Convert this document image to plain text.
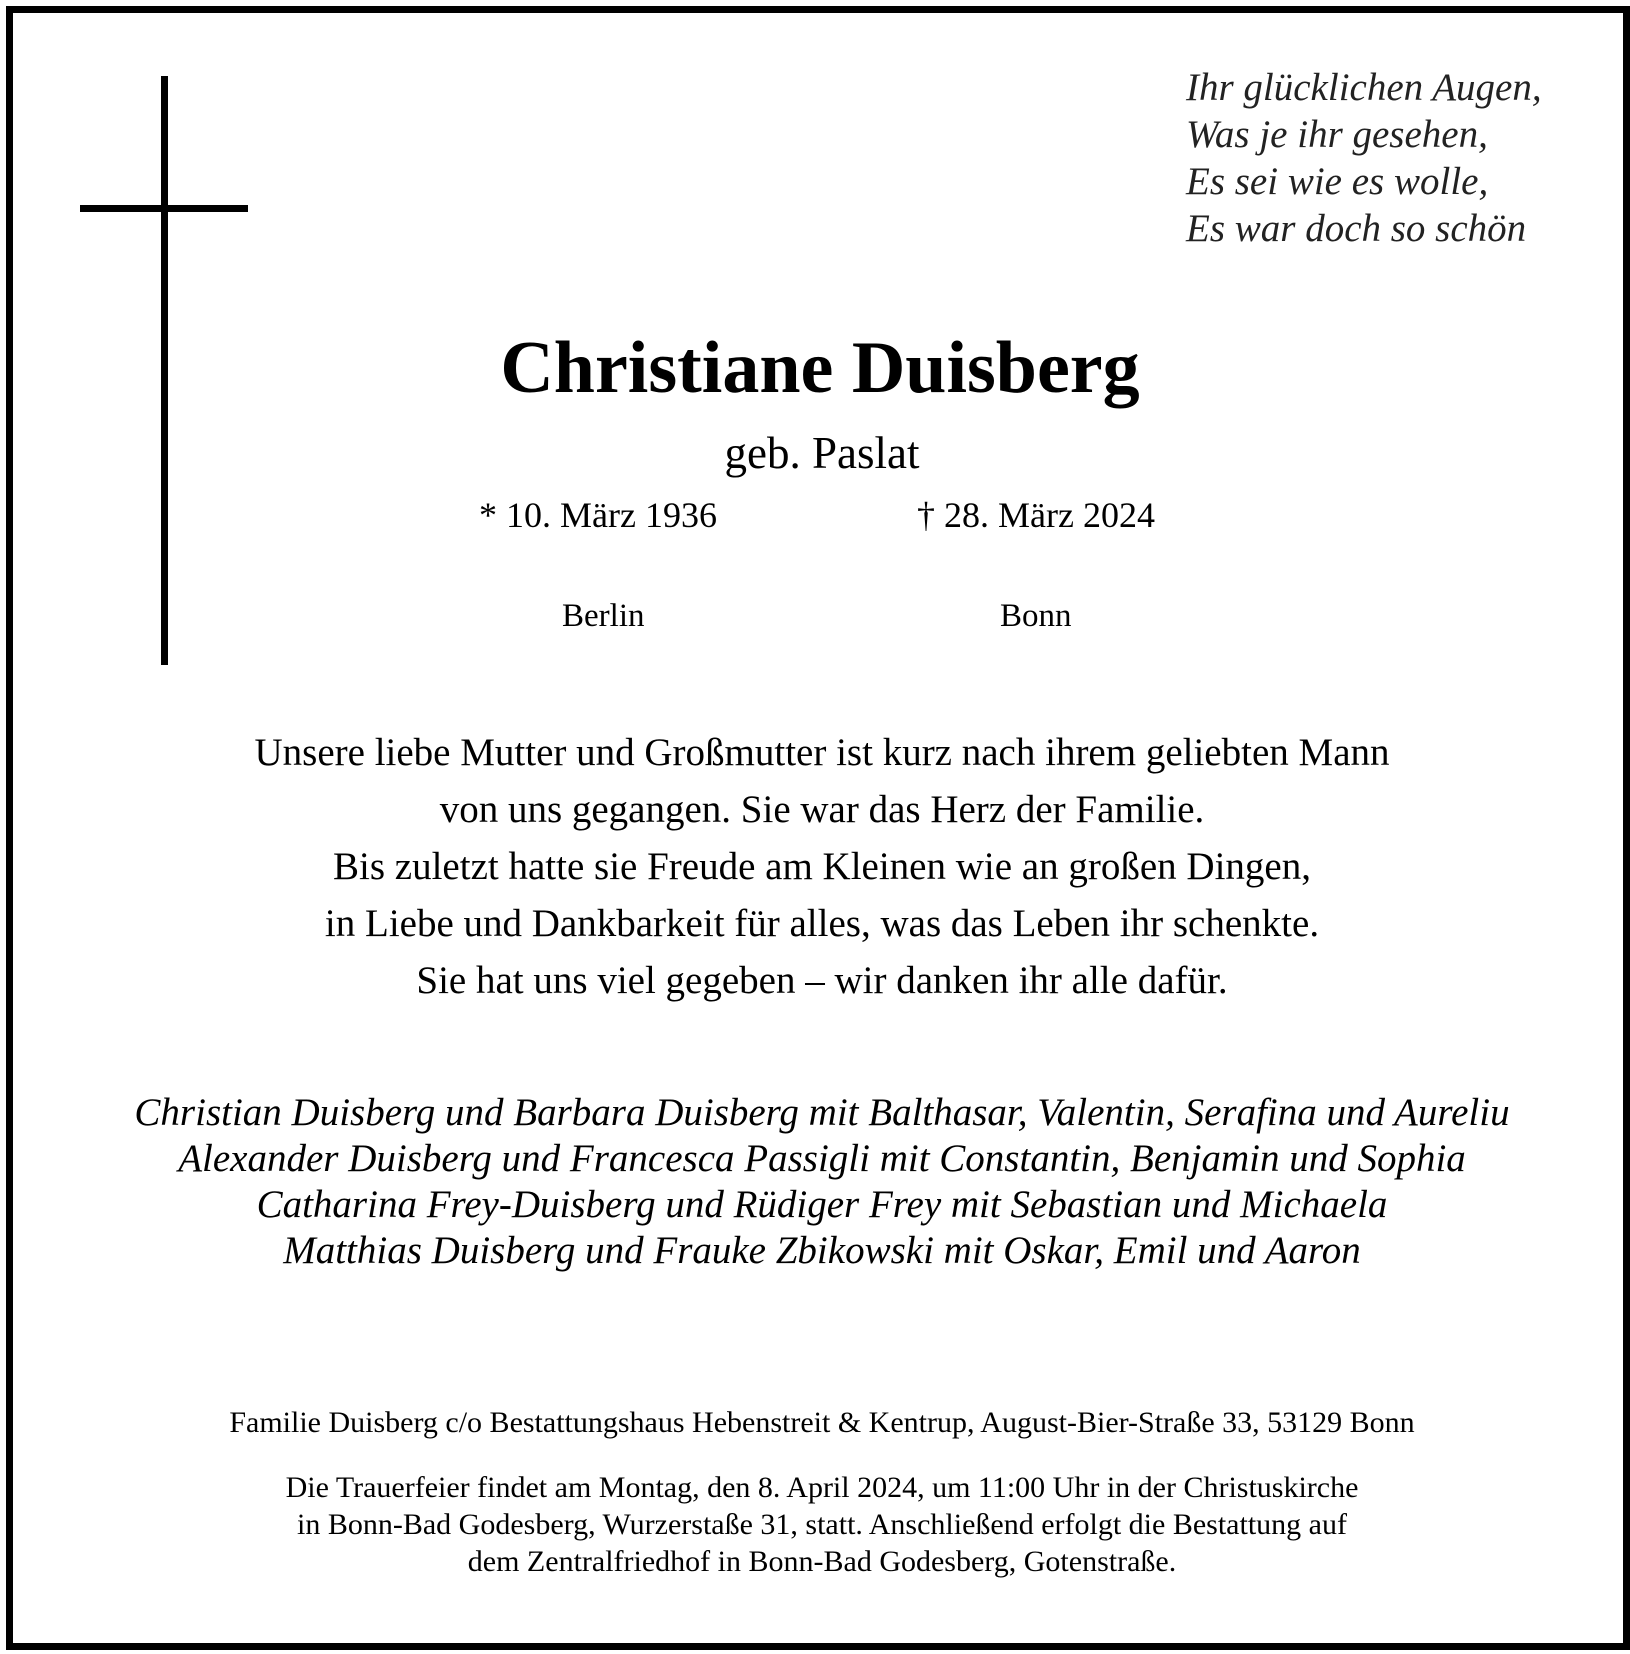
Ihr glücklichen Augen,
Was je ihr gesehen,
Es sei wie es wolle,
Es war doch so schön
Christiane Duisberg
geb. Paslat
* 10. März 1936	† 28. März 2024
Berlin	Bonn
Unsere liebe Mutter und Großmutter ist kurz nach ihrem geliebten Mann
von uns gegangen. Sie war das Herz der Familie.
Bis zuletzt hatte sie Freude am Kleinen wie an großen Dingen,
in Liebe und Dankbarkeit für alles, was das Leben ihr schenkte.
Sie hat uns viel gegeben – wir danken ihr alle dafür.
Christian Duisberg und Barbara Duisberg mit Balthasar, Valentin, Serafina und Aureliu
Alexander Duisberg und Francesca Passigli mit Constantin, Benjamin und Sophia
Catharina Frey-Duisberg und Rüdiger Frey mit Sebastian und Michaela
Matthias Duisberg und Frauke Zbikowski mit Oskar, Emil und Aaron
Familie Duisberg c/o Bestattungshaus Hebenstreit & Kentrup, August-Bier-Straße 33, 53129 Bonn
Die Trauerfeier findet am Montag, den 8. April 2024, um 11:00 Uhr in der Christuskirche
in Bonn-Bad Godesberg, Wurzerstaße 31, statt. Anschließend erfolgt die Bestattung auf
dem Zentralfriedhof in Bonn-Bad Godesberg, Gotenstraße.
